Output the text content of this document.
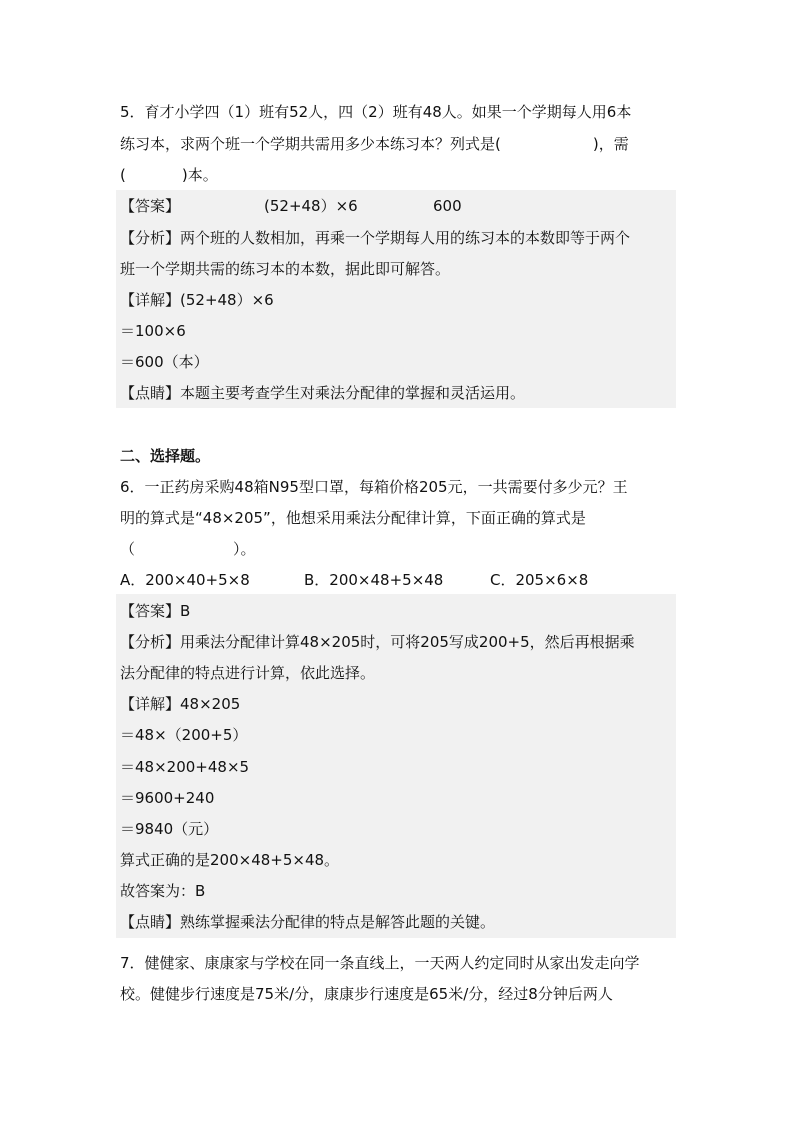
5．育才小学四（1）班有52人，四（2）班有48人。如果一个学期每人用6本
练习本，求两个班一个学期共需用多少本练习本？列式是(	)，需
(	)本。
【答案】	(52+48）×6	600
【分析】两个班的人数相加，再乘一个学期每人用的练习本的本数即等于两个
班一个学期共需的练习本的本数，据此即可解答。
【详解】(52+48）×6
＝100×6
＝600（本）
【点睛】本题主要考查学生对乘法分配律的掌握和灵活运用。
二、选择题。
6．一正药房采购48箱N95型口罩，每箱价格205元，一共需要付多少元？王
明的算式是“48×205”，他想采用乘法分配律计算，下面正确的算式是
（	）。
A．200×40+5×8	B．200×48+5×48	C．205×6×8
【答案】B
【分析】用乘法分配律计算48×205时，可将205写成200+5，然后再根据乘
法分配律的特点进行计算，依此选择。
【详解】48×205
＝48×（200+5）
＝48×200+48×5
＝9600+240
＝9840（元）
算式正确的是200×48+5×48。
故答案为：B
【点睛】熟练掌握乘法分配律的特点是解答此题的关键。
7．健健家、康康家与学校在同一条直线上，一天两人约定同时从家出发走向学
校。健健步行速度是75米/分，康康步行速度是65米/分，经过8分钟后两人
